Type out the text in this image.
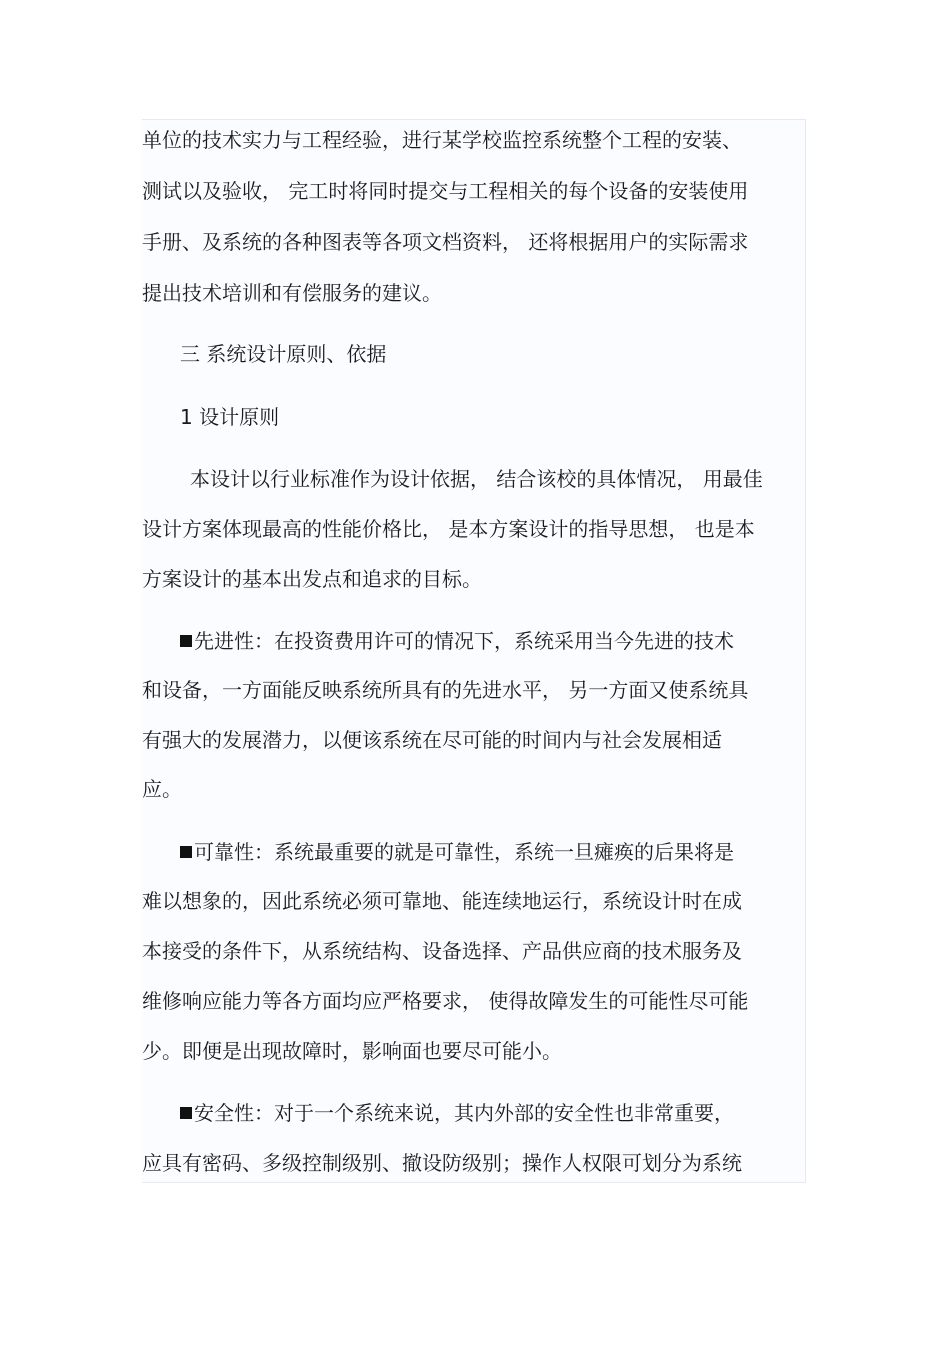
单位的技术实力与工程经验，进行某学校监控系统整个工程的安装、
测试以及验收， 完工时将同时提交与工程相关的每个设备的安装使用
手册、及系统的各种图表等各项文档资料， 还将根据用户的实际需求
提出技术培训和有偿服务的建议。
三 系统设计原则、依据
1 设计原则
本设计以行业标准作为设计依据， 结合该校的具体情况， 用最佳
设计方案体现最高的性能价格比， 是本方案设计的指导思想， 也是本
方案设计的基本出发点和追求的目标。
先进性：在投资费用许可的情况下，系统采用当今先进的技术
和设备，一方面能反映系统所具有的先进水平， 另一方面又使系统具
有强大的发展潜力，以便该系统在尽可能的时间内与社会发展相适
应。
可靠性：系统最重要的就是可靠性，系统一旦瘫痪的后果将是
难以想象的，因此系统必须可靠地、能连续地运行，系统设计时在成
本接受的条件下，从系统结构、设备选择、产品供应商的技术服务及
维修响应能力等各方面均应严格要求， 使得故障发生的可能性尽可能
少。即便是出现故障时，影响面也要尽可能小。
安全性：对于一个系统来说，其内外部的安全性也非常重要，
应具有密码、多级控制级别、撤设防级别；操作人权限可划分为系统
